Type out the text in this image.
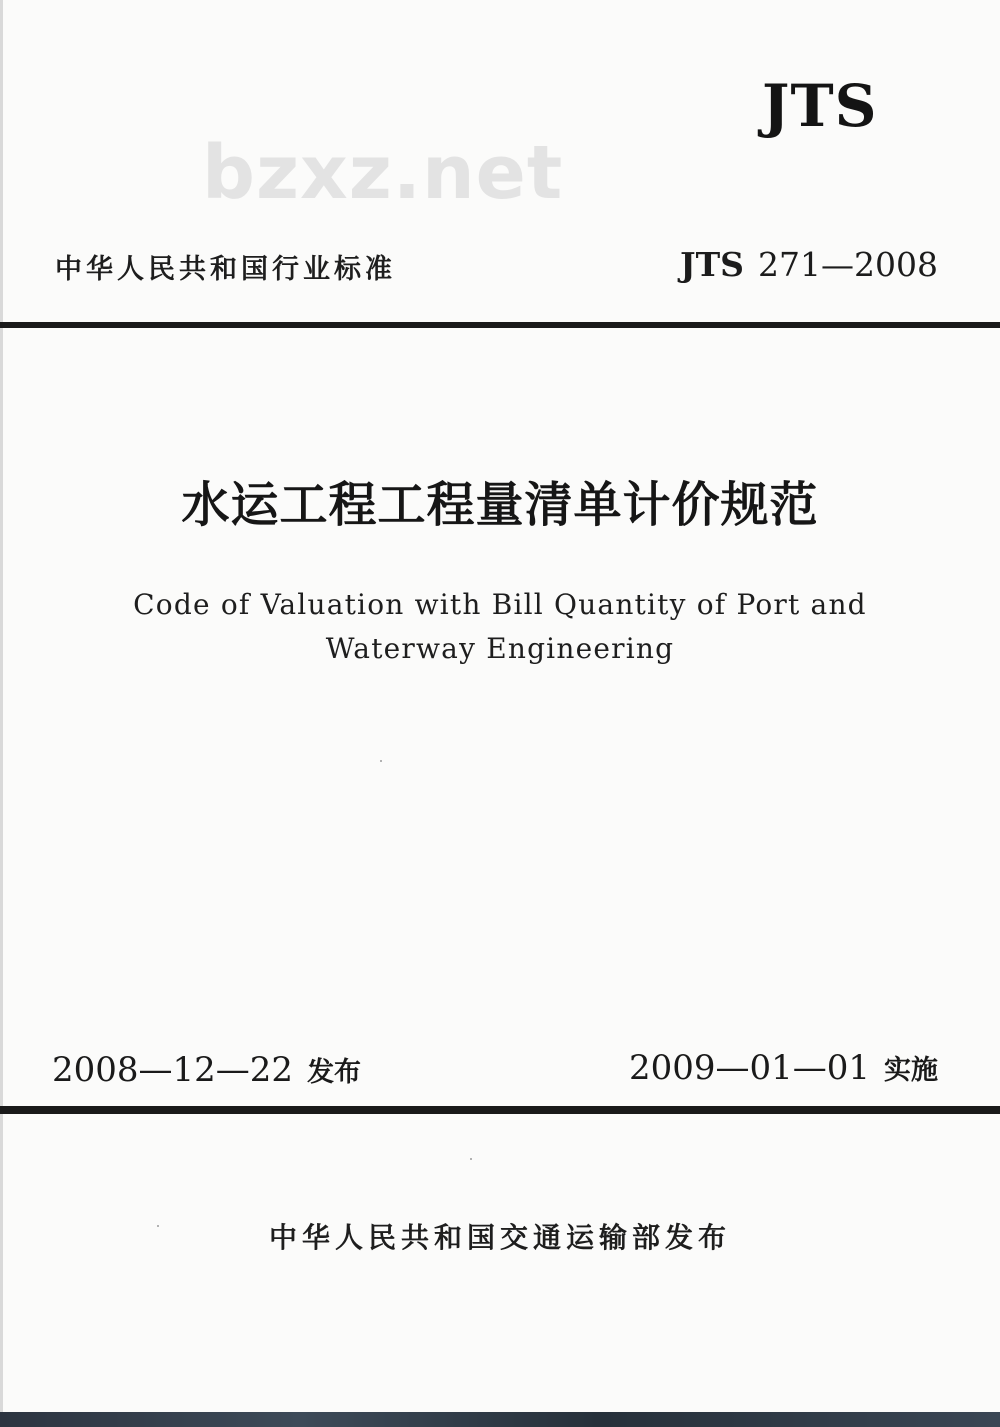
JTS
bzxz.net
中华人民共和国行业标准	JTS 271—2008
水运工程工程量清单计价规范
Code of Valuation with Bill Quantity of Port and
Waterway Engineering
2008—12—22 发布	2009—01—01 实施
中华人民共和国交通运输部发布
